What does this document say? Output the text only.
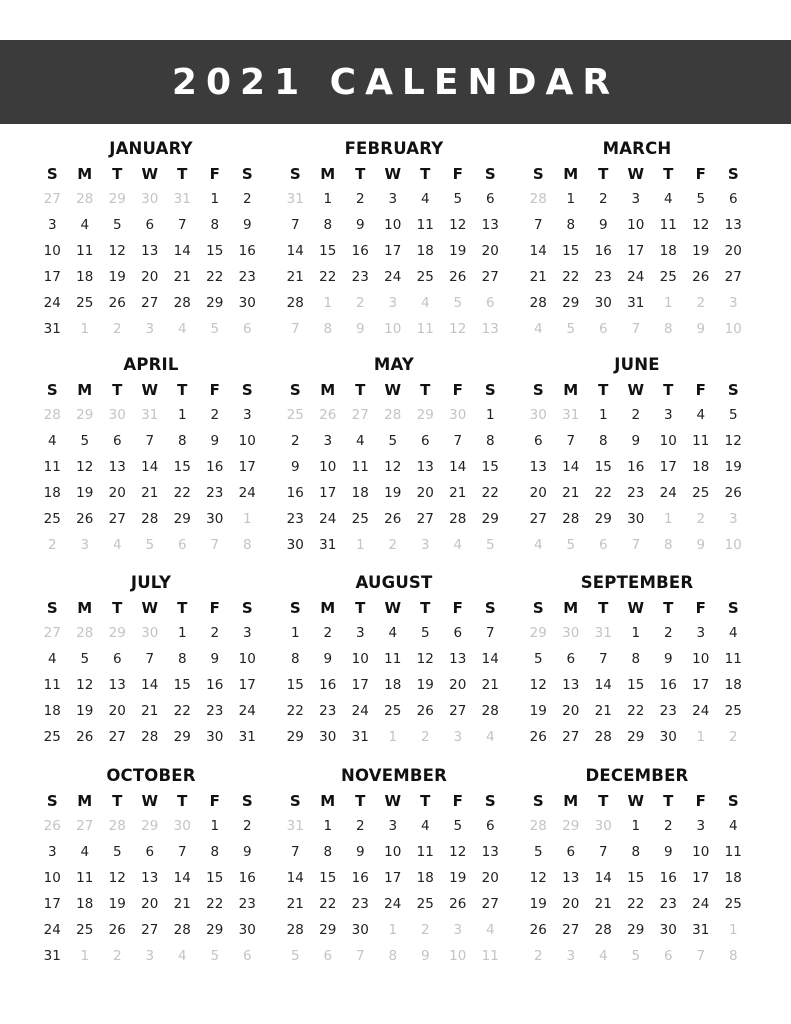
2021 CALENDAR
JANUARY
S	M	T	W	T	F	S
27	28	29	30	31	1	2
3	4	5	6	7	8	9
10	11	12	13	14	15	16
17	18	19	20	21	22	23
24	25	26	27	28	29	30
31	1	2	3	4	5	6
FEBRUARY
S	M	T	W	T	F	S
31	1	2	3	4	5	6
7	8	9	10	11	12	13
14	15	16	17	18	19	20
21	22	23	24	25	26	27
28	1	2	3	4	5	6
7	8	9	10	11	12	13
MARCH
S	M	T	W	T	F	S
28	1	2	3	4	5	6
7	8	9	10	11	12	13
14	15	16	17	18	19	20
21	22	23	24	25	26	27
28	29	30	31	1	2	3
4	5	6	7	8	9	10
APRIL
S	M	T	W	T	F	S
28	29	30	31	1	2	3
4	5	6	7	8	9	10
11	12	13	14	15	16	17
18	19	20	21	22	23	24
25	26	27	28	29	30	1
2	3	4	5	6	7	8
MAY
S	M	T	W	T	F	S
25	26	27	28	29	30	1
2	3	4	5	6	7	8
9	10	11	12	13	14	15
16	17	18	19	20	21	22
23	24	25	26	27	28	29
30	31	1	2	3	4	5
JUNE
S	M	T	W	T	F	S
30	31	1	2	3	4	5
6	7	8	9	10	11	12
13	14	15	16	17	18	19
20	21	22	23	24	25	26
27	28	29	30	1	2	3
4	5	6	7	8	9	10
JULY
S	M	T	W	T	F	S
27	28	29	30	1	2	3
4	5	6	7	8	9	10
11	12	13	14	15	16	17
18	19	20	21	22	23	24
25	26	27	28	29	30	31
AUGUST
S	M	T	W	T	F	S
1	2	3	4	5	6	7
8	9	10	11	12	13	14
15	16	17	18	19	20	21
22	23	24	25	26	27	28
29	30	31	1	2	3	4
SEPTEMBER
S	M	T	W	T	F	S
29	30	31	1	2	3	4
5	6	7	8	9	10	11
12	13	14	15	16	17	18
19	20	21	22	23	24	25
26	27	28	29	30	1	2
OCTOBER
S	M	T	W	T	F	S
26	27	28	29	30	1	2
3	4	5	6	7	8	9
10	11	12	13	14	15	16
17	18	19	20	21	22	23
24	25	26	27	28	29	30
31	1	2	3	4	5	6
NOVEMBER
S	M	T	W	T	F	S
31	1	2	3	4	5	6
7	8	9	10	11	12	13
14	15	16	17	18	19	20
21	22	23	24	25	26	27
28	29	30	1	2	3	4
5	6	7	8	9	10	11
DECEMBER
S	M	T	W	T	F	S
28	29	30	1	2	3	4
5	6	7	8	9	10	11
12	13	14	15	16	17	18
19	20	21	22	23	24	25
26	27	28	29	30	31	1
2	3	4	5	6	7	8
